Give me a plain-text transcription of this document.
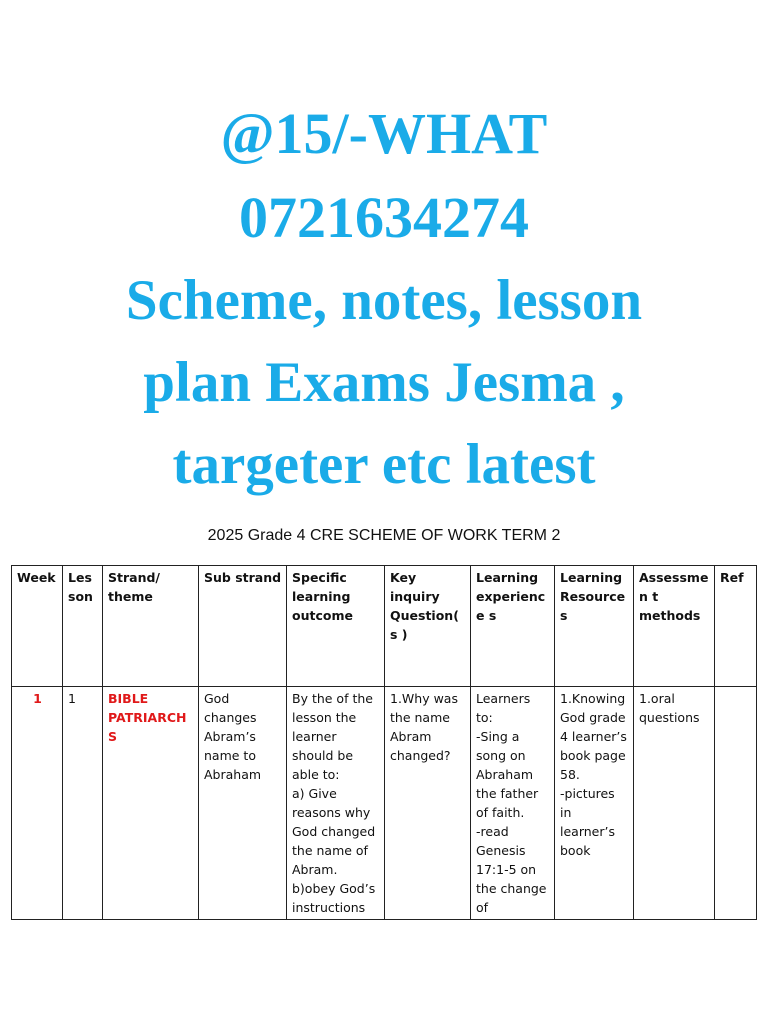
@15/-WHAT
0721634274
Scheme, notes, lesson
plan Exams Jesma ,
targeter etc latest
2025 Grade 4 CRE SCHEME OF WORK TERM 2
Week	Les son	Strand/ theme	Sub strand	Specific learning outcome	Key inquiry Question(s )	Learning experience s	Learning Resources	Assessmen t methods	Ref
1	1	BIBLE PATRIARCHS	God changes Abram’s name to Abraham	By the of the lesson the learner should be able to:
a) Give reasons why God changed the name of Abram.
b)obey God’s instructions	1.Why was the name Abram changed?	Learners to:
-Sing a song on Abraham the father of faith.
-read Genesis 17:1-5 on the change of	1.Knowing God grade 4 learner’s book page 58.
-pictures in learner’s book	1.oral questions	
